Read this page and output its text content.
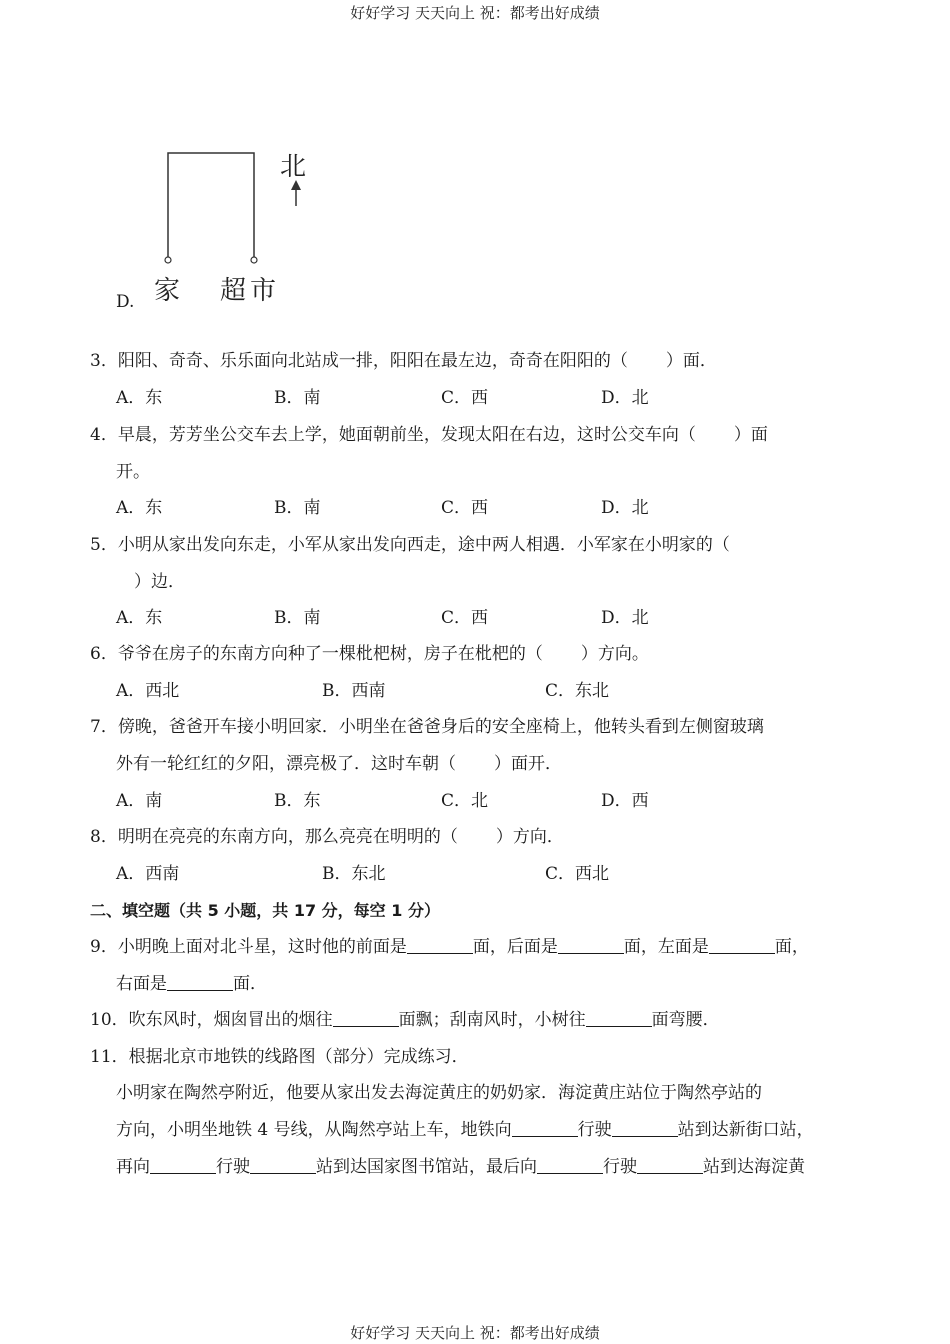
好好学习 天天向上 祝：都考出好成绩
北
家 超市
D.
3．阳阳、奇奇、乐乐面向北站成一排，阳阳在最左边，奇奇在阳阳的（ ）面．
A．东	B．南	C．西	D．北
4．早晨，芳芳坐公交车去上学，她面朝前坐，发现太阳在右边，这时公交车向（ ）面
开。
A．东	B．南	C．西	D．北
5．小明从家出发向东走，小军从家出发向西走，途中两人相遇．小军家在小明家的（
）边．
A．东	B．南	C．西	D．北
6．爷爷在房子的东南方向种了一棵枇杷树，房子在枇杷的（ ）方向。
A．西北	B．西南	C．东北
7．傍晚，爸爸开车接小明回家．小明坐在爸爸身后的安全座椅上，他转头看到左侧窗玻璃
外有一轮红红的夕阳，漂亮极了．这时车朝（ ）面开．
A．南	B．东	C．北	D．西
8．明明在亮亮的东南方向，那么亮亮在明明的（ ）方向．
A．西南	B．东北	C．西北
二、填空题（共 5 小题，共 17 分，每空 1 分）
9．小明晚上面对北斗星，这时他的前面是	面，后面是	面，左面是	面，
右面是	面．
10．吹东风时，烟囱冒出的烟往	面飘；刮南风时，小树往	面弯腰．
11．根据北京市地铁的线路图（部分）完成练习．
小明家在陶然亭附近，他要从家出发去海淀黄庄的奶奶家．海淀黄庄站位于陶然亭站的
方向，小明坐地铁 4 号线，从陶然亭站上车，地铁向	行驶	站到达新街口站，
再向	行驶	站到达国家图书馆站，最后向	行驶	站到达海淀黄
好好学习 天天向上 祝：都考出好成绩
